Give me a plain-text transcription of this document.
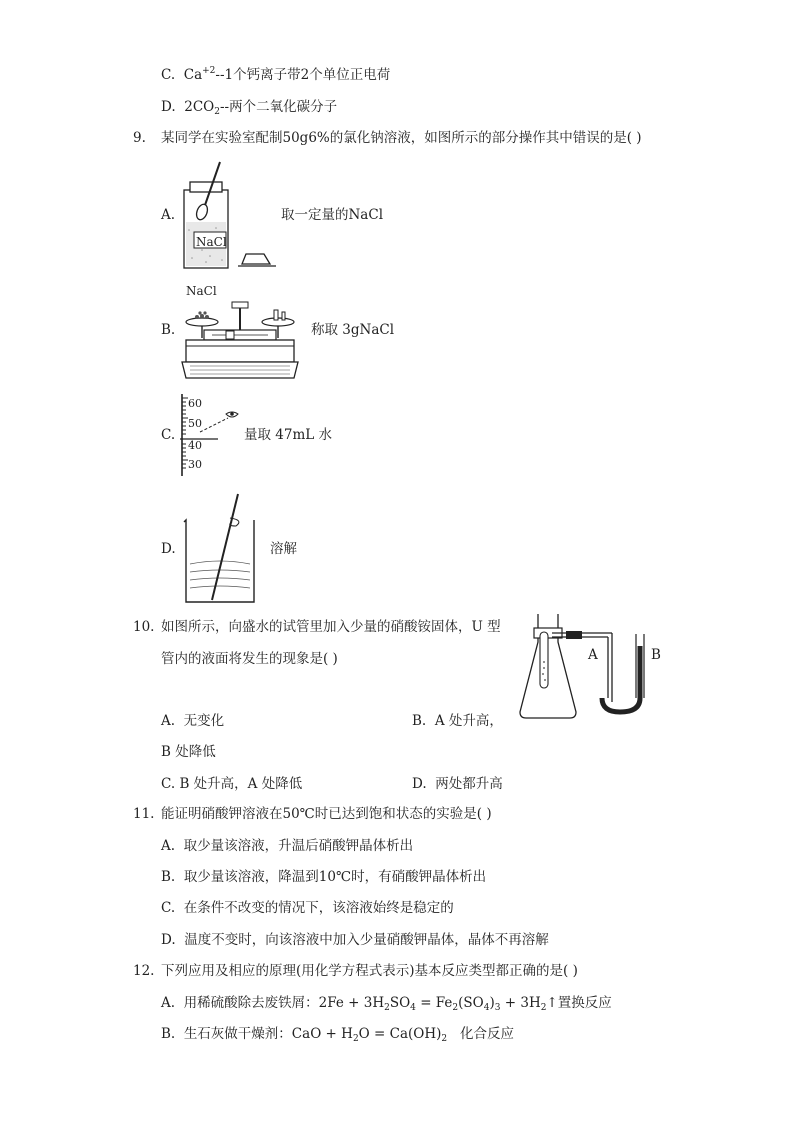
C. $Ca^{+2}--1$个钙离子带2个单位正电荷
D. $2CO_2--$两个二氧化碳分子
9. 某同学在实验室配制50g6%的氯化钠溶液，如图所示的部分操作其中错误的是( )
A.
NaCl
取一定量的NaCl
NaCl
B.	称取 3gNaCl
C.
60
50
40
30
量取 47mL 水
D.	溶解
10. 如图所示，向盛水的试管里加入少量的硝酸铵固体，U 型
管内的液面将发生的现象是( )	A	B
A. 无变化	B. A 处升高，
B 处降低
C. B 处升高，A 处降低	D. 两处都升高
11. 能证明硝酸钾溶液在50℃时已达到饱和状态的实验是( )
A. 取少量该溶液，升温后硝酸钾晶体析出
B. 取少量该溶液，降温到10℃时，有硝酸钾晶体析出
C. 在条件不改变的情况下，该溶液始终是稳定的
D. 温度不变时，向该溶液中加入少量硝酸钾晶体，晶体不再溶解
12. 下列应用及相应的原理(用化学方程式表示)基本反应类型都正确的是( )
A. 用稀硫酸除去废铁屑：$2Fe + 3H_2SO_4 = Fe_2(SO_4)_3$ + $3H_2↑$置换反应
B. 生石灰做干燥剂：CaO + $H_2O = Ca(OH)_2$   化合反应
